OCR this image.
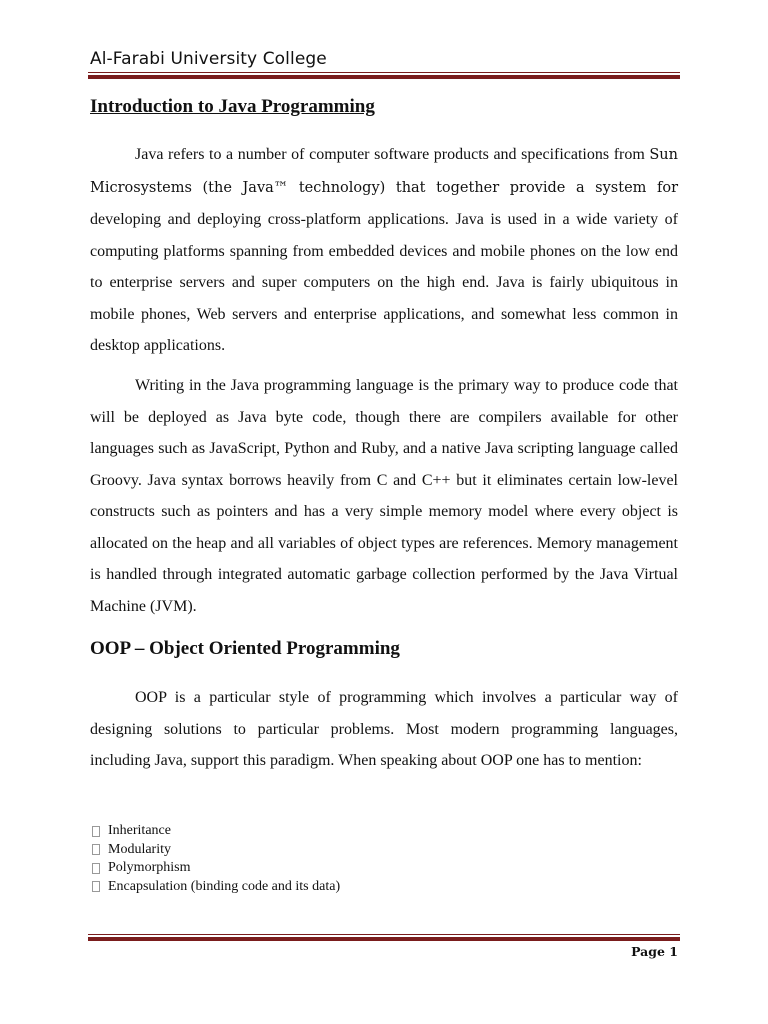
Al-Farabi University College
Introduction to Java Programming

Java refers to a number of computer software products and specifications from Sun Microsystems (the Java™ technology) that together provide a system for developing and deploying cross-platform applications. Java is used in a wide variety of computing platforms spanning from embedded devices and mobile phones on the low end to enterprise servers and super computers on the high end. Java is fairly ubiquitous in mobile phones, Web servers and enterprise applications, and somewhat less common in desktop applications.

Writing in the Java programming language is the primary way to produce code that will be deployed as Java byte code, though there are compilers available for other languages such as JavaScript, Python and Ruby, and a native Java scripting language called Groovy. Java syntax borrows heavily from C and C++ but it eliminates certain low-level constructs such as pointers and has a very simple memory model where every object is allocated on the heap and all variables of object types are references. Memory management is handled through integrated automatic garbage collection performed by the Java Virtual Machine (JVM).

OOP – Object Oriented Programming

OOP is a particular style of programming which involves a particular way of designing solutions to particular problems. Most modern programming languages, including Java, support this paradigm. When speaking about OOP one has to mention:

Inheritance
Modularity
Polymorphism
Encapsulation (binding code and its data)
Page 1
